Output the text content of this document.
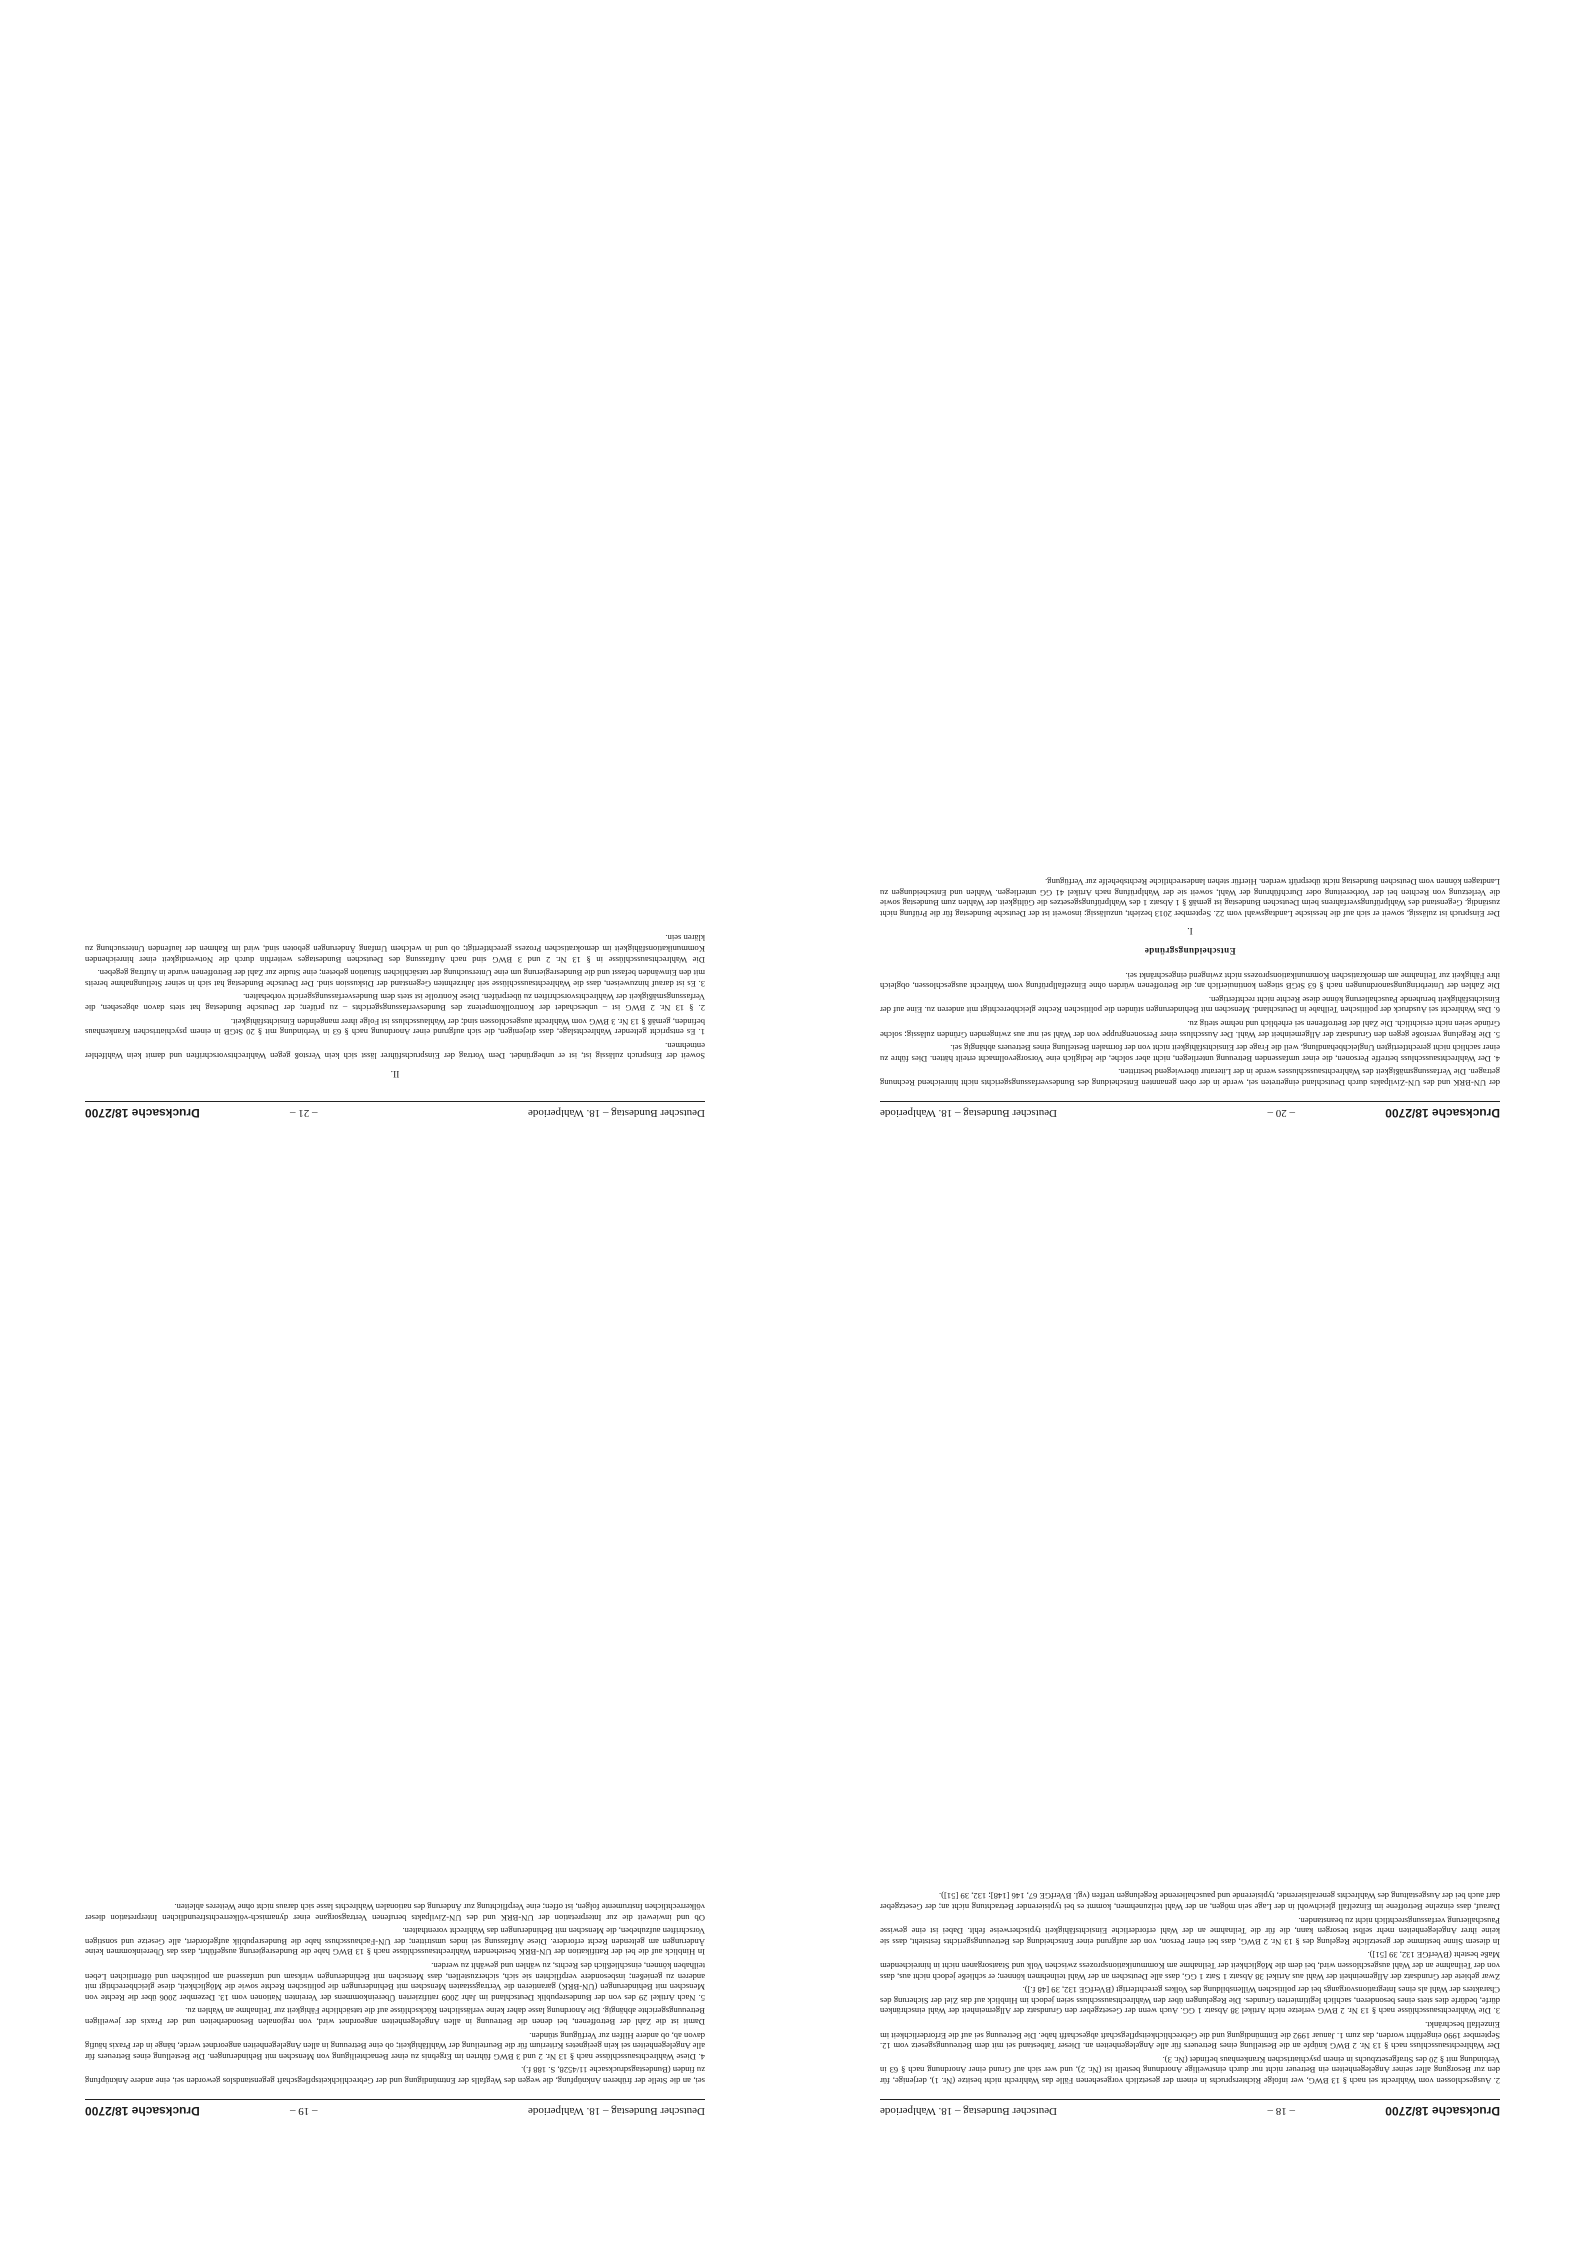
Drucksache 18/2700	– 21 –	Deutscher Bundestag – 18. Wahlperiode
II.

Soweit der Einspruch zulässig ist, ist er unbegründet. Dem Vortrag der Einspruchsführer lässt sich kein Verstoß gegen Wahlrechtsvorschriften und damit kein Wahlfehler entnehmen.

1. Es entspricht geltender Wahlrechtslage, dass diejenigen, die sich aufgrund einer Anordnung nach § 63 in Verbindung mit § 20 StGB in einem psychiatrischen Krankenhaus befinden, gemäß § 13 Nr. 3 BWG vom Wahlrecht ausgeschlossen sind; der Wahlausschluss ist Folge ihrer mangelnden Einsichtsfähigkeit.

2. § 13 Nr. 2 BWG ist – unbeschadet der Kontrollkompetenz des Bundesverfassungsgerichts – zu prüfen; der Deutsche Bundestag hat stets davon abgesehen, die Verfassungsmäßigkeit der Wahlrechtsvorschriften zu überprüfen. Diese Kontrolle ist stets dem Bundesverfassungsgericht vorbehalten.

3. Es ist darauf hinzuweisen, dass die Wahlrechtsausschlüsse seit Jahrzehnten Gegenstand der Diskussion sind. Der Deutsche Bundestag hat sich in seiner Stellungnahme bereits mit den Einwänden befasst und die Bundesregierung um eine Untersuchung der tatsächlichen Situation gebeten; eine Studie zur Zahl der Betroffenen wurde in Auftrag gegeben.

Die Wahlrechtsausschlüsse in § 13 Nr. 2 und 3 BWG sind nach Auffassung des Deutschen Bundestages weiterhin durch die Notwendigkeit einer hinreichenden Kommunikationsfähigkeit im demokratischen Prozess gerechtfertigt; ob und in welchem Umfang Änderungen geboten sind, wird im Rahmen der laufenden Untersuchung zu klären sein.

Drucksache 18/2700
– 20 –
Deutscher Bundestag – 18. Wahlperiode

der UN-BRK und des UN-Zivilpakts durch Deutschland eingetreten sei, werde in der oben genannten Entscheidung des Bundesverfassungsgerichts nicht hinreichend Rechnung getragen. Die Verfassungsmäßigkeit des Wahlrechtsausschlusses werde in der Literatur überwiegend bestritten.

4. Der Wahlrechtsausschluss betreffe Personen, die einer umfassenden Betreuung unterliegen, nicht aber solche, die lediglich eine Vorsorgevollmacht erteilt hätten. Dies führe zu einer sachlich nicht gerechtfertigten Ungleichbehandlung, weil die Frage der Einsichtsfähigkeit nicht von der formalen Bestellung eines Betreuers abhängig sei.

5. Die Regelung verstoße gegen den Grundsatz der Allgemeinheit der Wahl. Der Ausschluss einer Personengruppe von der Wahl sei nur aus zwingenden Gründen zulässig; solche Gründe seien nicht ersichtlich. Die Zahl der Betroffenen sei erheblich und nehme stetig zu.

6. Das Wahlrecht sei Ausdruck der politischen Teilhabe in Deutschland. Menschen mit Behinderungen stünden die politischen Rechte gleichberechtigt mit anderen zu. Eine auf der Einsichtsfähigkeit beruhende Pauschalierung könne diese Rechte nicht rechtfertigen.

Die Zahlen der Unterbringungsanordnungen nach § 63 StGB stiegen kontinuierlich an; die Betroffenen würden ohne Einzelfallprüfung vom Wahlrecht ausgeschlossen, obgleich ihre Fähigkeit zur Teilnahme am demokratischen Kommunikationsprozess nicht zwingend eingeschränkt sei.

Entscheidungsgründe
I.

Der Einspruch ist zulässig, soweit er sich auf die hessische Landtagswahl vom 22. September 2013 bezieht, unzulässig; insoweit ist der Deutsche Bundestag für die Prüfung nicht zuständig. Gegenstand des Wahlprüfungsverfahrens beim Deutschen Bundestag ist gemäß § 1 Absatz 1 des Wahlprüfungsgesetzes die Gültigkeit der Wahlen zum Bundestag sowie die Verletzung von Rechten bei der Vorbereitung oder Durchführung der Wahl, soweit sie der Wahlprüfung nach Artikel 41 GG unterliegen. Wahlen und Entscheidungen zu Landtagen können vom Deutschen Bundestag nicht überprüft werden. Hierfür stehen landesrechtliche Rechtsbehelfe zur Verfügung.

Drucksache 18/2700	– 19 –	Deutscher Bundestag – 18. Wahlperiode

sei, an die Stelle der früheren Anknüpfung, die wegen des Wegfalls der Entmündigung und der Gebrechlichkeitspflegschaft gegenstandslos geworden sei, eine andere Anknüpfung zu finden (Bundestagsdrucksache 11/4528, S. 188 f.).

4. Diese Wahlrechtsausschlüsse nach § 13 Nr. 2 und 3 BWG führten im Ergebnis zu einer Benachteiligung von Menschen mit Behinderungen. Die Bestellung eines Betreuers für alle Angelegenheiten sei kein geeignetes Kriterium für die Beurteilung der Wahlfähigkeit; ob eine Betreuung in allen Angelegenheiten angeordnet werde, hänge in der Praxis häufig davon ab, ob andere Hilfen zur Verfügung stünden.

Damit ist die Zahl der Betroffenen, bei denen die Betreuung in allen Angelegenheiten angeordnet wird, von regionalen Besonderheiten und der Praxis der jeweiligen Betreuungsgerichte abhängig. Die Anordnung lasse daher keine verlässlichen Rückschlüsse auf die tatsächliche Fähigkeit zur Teilnahme an Wahlen zu.

5. Nach Artikel 29 des von der Bundesrepublik Deutschland im Jahr 2009 ratifizierten Übereinkommens der Vereinten Nationen vom 13. Dezember 2006 über die Rechte von Menschen mit Behinderungen (UN-BRK) garantieren die Vertragsstaaten Menschen mit Behinderungen die politischen Rechte sowie die Möglichkeit, diese gleichberechtigt mit anderen zu genießen; insbesondere verpflichten sie sich, sicherzustellen, dass Menschen mit Behinderungen wirksam und umfassend am politischen und öffentlichen Leben teilhaben können, einschließlich des Rechts, zu wählen und gewählt zu werden.

In Hinblick auf die bei der Ratifikation der UN-BRK bestehenden Wahlrechtsausschlüsse nach § 13 BWG habe die Bundesregierung ausgeführt, dass das Übereinkommen keine Änderungen am geltenden Recht erfordere. Diese Auffassung sei indes umstritten; der UN-Fachausschuss habe die Bundesrepublik aufgefordert, alle Gesetze und sonstigen Vorschriften aufzuheben, die Menschen mit Behinderungen das Wahlrecht vorenthalten.

Ob und inwieweit die zur Interpretation der UN-BRK und des UN-Zivilpakts berufenen Vertragsorgane einer dynamisch-völkerrechtsfreundlichen Interpretation dieser völkerrechtlichen Instrumente folgen, ist offen; eine Verpflichtung zur Änderung des nationalen Wahlrechts lasse sich daraus nicht ohne Weiteres ableiten.

Drucksache 18/2700
– 18 –
Deutscher Bundestag – 18. Wahlperiode

2. Ausgeschlossen vom Wahlrecht sei nach § 13 BWG, wer infolge Richterspruchs in einem der gesetzlich vorgesehenen Fälle das Wahlrecht nicht besitze (Nr. 1), derjenige, für den zur Besorgung aller seiner Angelegenheiten ein Betreuer nicht nur durch einstweilige Anordnung bestellt ist (Nr. 2), und wer sich auf Grund einer Anordnung nach § 63 in Verbindung mit § 20 des Strafgesetzbuchs in einem psychiatrischen Krankenhaus befindet (Nr. 3).

Der Wahlrechtsausschluss nach § 13 Nr. 2 BWG knüpfe an die Bestellung eines Betreuers für alle Angelegenheiten an. Dieser Tatbestand sei mit dem Betreuungsgesetz vom 12. September 1990 eingeführt worden, das zum 1. Januar 1992 die Entmündigung und die Gebrechlichkeitspflegschaft abgeschafft habe. Die Betreuung sei auf die Erforderlichkeit im Einzelfall beschränkt.

3. Die Wahlrechtsausschlüsse nach § 13 Nr. 2 BWG verletze nicht Artikel 38 Absatz 1 GG. Auch wenn der Gesetzgeber den Grundsatz der Allgemeinheit der Wahl einschränken dürfe, bedürfe dies stets eines besonderen, sachlich legitimierten Grundes. Die Regelungen über den Wahlrechtsausschluss seien jedoch im Hinblick auf das Ziel der Sicherung des Charakters der Wahl als eines Integrationsvorgangs bei der politischen Willensbildung des Volkes gerechtfertigt (BVerfGE 132, 39 [48 f.]).

Zwar gebiete der Grundsatz der Allgemeinheit der Wahl aus Artikel 38 Absatz 1 Satz 1 GG, dass alle Deutschen an der Wahl teilnehmen können; er schließe jedoch nicht aus, dass von der Teilnahme an der Wahl ausgeschlossen wird, bei dem die Möglichkeit der Teilnahme am Kommunikationsprozess zwischen Volk und Staatsorganen nicht in hinreichendem Maße besteht (BVerfGE 132, 39 [51]).

In diesem Sinne bestimme der gesetzliche Regelung des § 13 Nr. 2 BWG, dass bei einer Person, von der aufgrund einer Entscheidung des Betreuungsgerichts feststeht, dass sie keine ihrer Angelegenheiten mehr selbst besorgen kann, die für die Teilnahme an der Wahl erforderliche Einsichtsfähigkeit typischerweise fehlt. Dabei ist eine gewisse Pauschalierung verfassungsrechtlich nicht zu beanstanden.

Darauf, dass einzelne Betroffene im Einzelfall gleichwohl in der Lage sein mögen, an der Wahl teilzunehmen, kommt es bei typisierender Betrachtung nicht an; der Gesetzgeber darf auch bei der Ausgestaltung des Wahlrechts generalisierende, typisierende und pauschalierende Regelungen treffen (vgl. BVerfGE 67, 146 [148]; 132, 39 [51]).
